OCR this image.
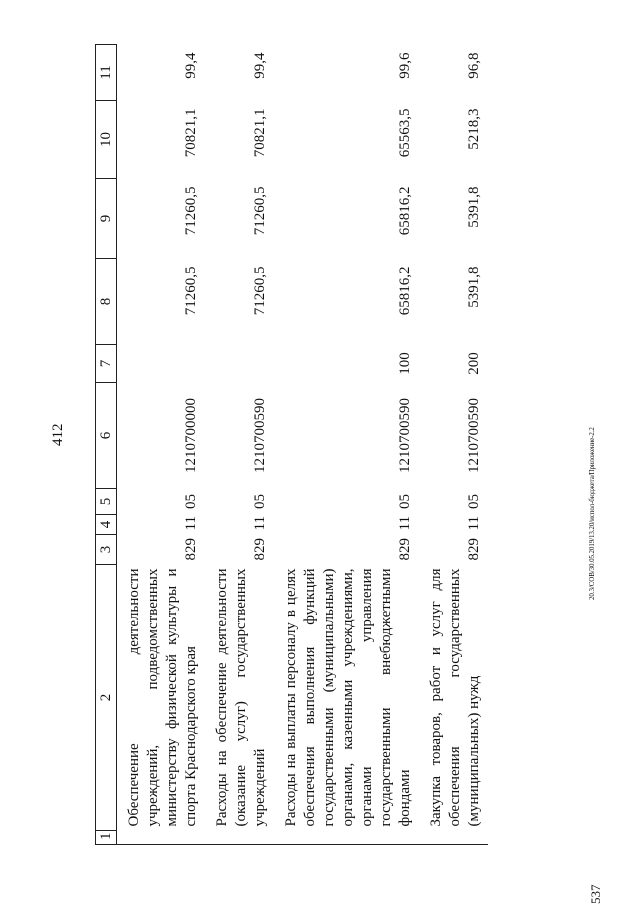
412
1	2	3	4	5	6	7	8	9	10	11
	Обеспечение деятельности учреждений, подведомственных министерству физической культуры и спорта Краснодарского края	829	11	05	1210700000		71260,5	71260,5	70821,1	99,4
	Расходы на обеспечение деятельности (оказание услуг) государственных учреждений	829	11	05	1210700590		71260,5	71260,5	70821,1	99,4
	Расходы на выплаты персоналу в целях обеспечения выполнения функций государственными (муниципальными) органами, казенными учреждениями, органами управления государственными внебюджетными фондами	829	11	05	1210700590	100	65816,2	65816,2	65563,5	99,6
	Закупка товаров, работ и услуг для обеспечения государственных (муниципальных) нужд	829	11	05	1210700590	200	5391,8	5391,8	5218,3	96,8
20.3/СОВ/30.05.2019/13.20/испол-бюджета/Приложение-2.2
537
